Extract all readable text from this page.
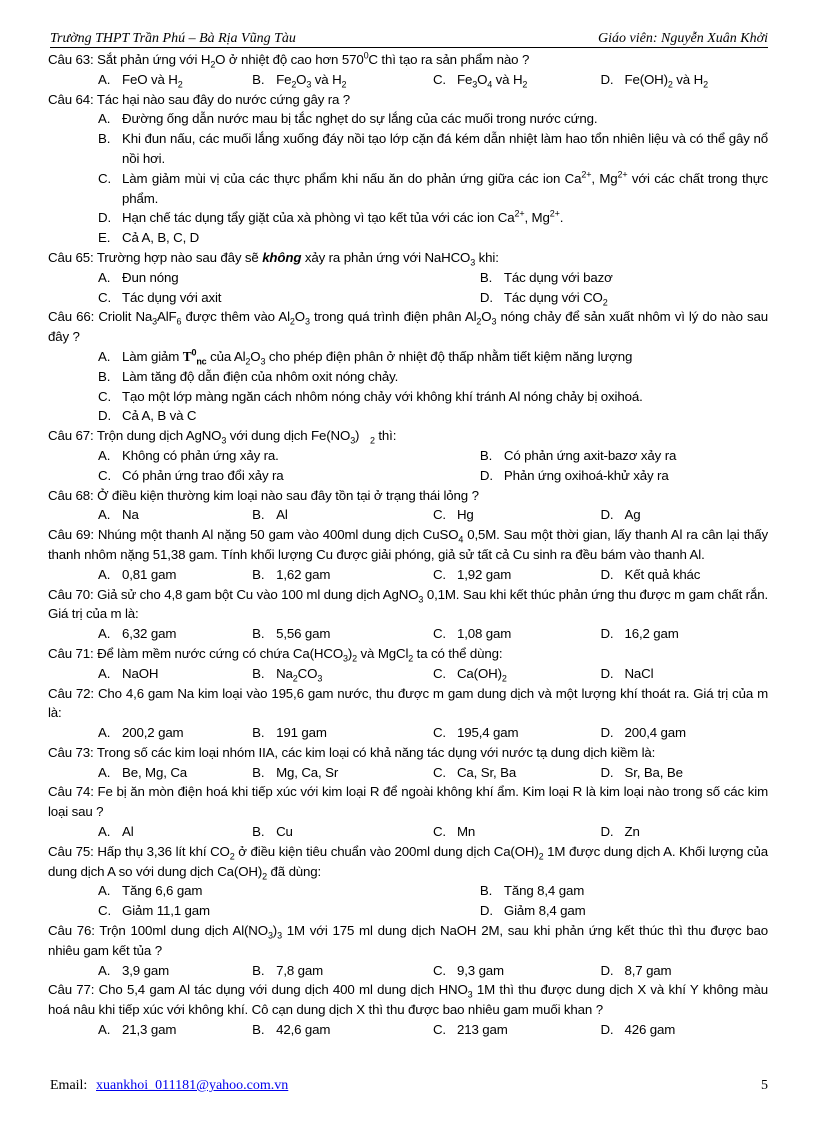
Trường THPT Trần Phú – Bà Rịa Vũng Tàu	Giáo viên: Nguyễn Xuân Khởi
Câu 63: Sắt phản ứng với $H_2O$ ở nhiệt độ cao hơn $570^0C$ thì tạo ra sản phẩm nào ?
A. FeO và $H_2$	B. $Fe_2O_3$ và $H_2$	C. $Fe_3O_4$ và $H_2$	D. $Fe(OH)_2$ và $H_2$
Câu 64: Tác hại nào sau đây do nước cứng gây ra ?
A. Đường ống dẫn nước mau bị tắc nghẹt do sự lắng của các muối trong nước cứng.
B. Khi đun nấu, các muối lắng xuống đáy nồi tạo lớp cặn đá kém dẫn nhiệt làm hao tổn nhiên liệu và có thể gây nổ nồi hơi.
C. Làm giảm mùi vị của các thực phẩm khi nấu ăn do phản ứng giữa các ion $Ca^{2+}$, $Mg^{2+}$ với các chất trong thực phẩm.
D. Hạn chế tác dụng tẩy giặt của xà phòng vì tạo kết tủa với các ion $Ca^{2+}$, $Mg^{2+}$.
E. Cả A, B, C, D
Câu 65: Trường hợp nào sau đây sẽ không xảy ra phản ứng với NaHCO$_3$ khi:
A. Đun nóng	B. Tác dụng với bazơ
C. Tác dụng với axit	D. Tác dụng với $CO_2$
Câu 66: Criolit $Na_3AlF_6$ được thêm vào $Al_2O_3$ trong quá trình điện phân $Al_2O_3$ nóng chảy để sản xuất nhôm vì lý do nào sau đây ?
A. Làm giảm $T^0_{nc}$ của $Al_2O_3$ cho phép điện phân ở nhiệt độ thấp nhằm tiết kiệm năng lượng
B. Làm tăng độ dẫn điện của nhôm oxit nóng chảy.
C. Tạo một lớp màng ngăn cách nhôm nóng chảy với không khí tránh Al nóng chảy bị oxihoá.
D. Cả A, B và C
Câu 67: Trộn dung dịch AgNO$_3$ với dung dịch $Fe(NO_3)$   $_2$ thì:
A. Không có phản ứng xảy ra.	B. Có phản ứng axit-bazơ xảy ra
C. Có phản ứng trao đổi xảy ra	D. Phản ứng oxihoá-khử xảy ra
Câu 68: Ở điều kiện thường kim loại nào sau đây tồn tại ở trạng thái lỏng ?
A. Na	B. Al	C. Hg	D. Ag
Câu 69: Nhúng một thanh Al nặng 50 gam vào 400ml dung dịch CuSO$_4$ 0,5M. Sau một thời gian, lấy thanh Al ra cân lại thấy thanh nhôm nặng 51,38 gam. Tính khối lượng Cu được giải phóng, giả sử tất cả Cu sinh ra đều bám vào thanh Al.
A. 0,81 gam	B. 1,62 gam	C. 1,92 gam	D. Kết quả khác
Câu 70: Giả sử cho 4,8 gam bột Cu vào 100 ml dung dịch AgNO$_3$ 0,1M. Sau khi kết thúc phản ứng thu được m gam chất rắn. Giá trị của m là:
A. 6,32 gam	B. 5,56 gam	C. 1,08 gam	D. 16,2 gam
Câu 71: Để làm mềm nước cứng có chứa $Ca(HCO_3)_2$ và MgCl$_2$ ta có thể dùng:
A. NaOH	B. $Na_2CO_3$	C. $Ca(OH)_2$	D. NaCl
Câu 72: Cho 4,6 gam Na kim loại vào 195,6 gam nước, thu được m gam dung dịch và một lượng khí thoát ra. Giá trị của m là:
A. 200,2 gam	B. 191 gam	C. 195,4 gam	D. 200,4 gam
Câu 73: Trong số các kim loại nhóm IIA, các kim loại có khả năng tác dụng với nước tạ dung dịch kiềm là:
A. Be, Mg, Ca	B. Mg, Ca, Sr	C. Ca, Sr, Ba	D. Sr, Ba, Be
Câu 74: Fe bị ăn mòn điện hoá khi tiếp xúc với kim loại R để ngoài không khí ẩm. Kim loại R là kim loại nào trong số các kim loại sau ?
A. Al	B. Cu	C. Mn	D. Zn
Câu 75: Hấp thụ 3,36 lít khí $CO_2$ ở điều kiện tiêu chuẩn vào 200ml dung dịch $Ca(OH)_2$ 1M được dung dịch A. Khối lượng của dung dịch A so với dung dịch $Ca(OH)_2$ đã dùng:
A. Tăng 6,6 gam	B. Tăng 8,4 gam
C. Giảm 11,1 gam	D. Giảm 8,4 gam
Câu 76: Trộn 100ml dung dịch $Al(NO_3)_3$ 1M với 175 ml dung dịch NaOH 2M, sau khi phản ứng kết thúc thì thu được bao nhiêu gam kết tủa ?
A. 3,9 gam	B. 7,8 gam	C. 9,3 gam	D. 8,7 gam
Câu 77: Cho 5,4 gam Al tác dụng với dung dịch 400 ml dung dịch $HNO_3$ 1M thì thu được dung dịch X và khí Y không màu hoá nâu khi tiếp xúc với không khí. Cô cạn dung dịch X thì thu được bao nhiêu gam muối khan ?
A. 21,3 gam	B. 42,6 gam	C. 213 gam	D. 426 gam
Email: xuankhoi_011181@yahoo.com.vn	5
